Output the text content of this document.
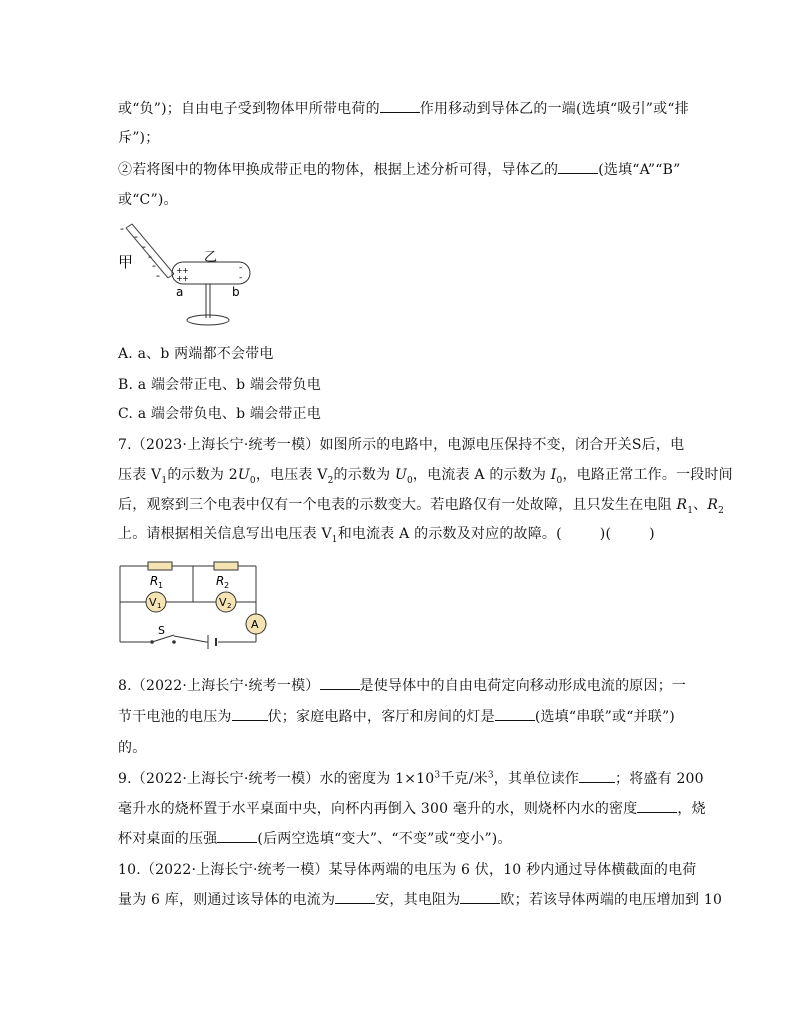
或“负”)；自由电子受到物体甲所带电荷的	作用移动到导体乙的一端(选填“吸引”或“排
斥”)；
②若将图中的物体甲换成带正电的物体，根据上述分析可得，导体乙的	(选填“A”“B”
或“C”)。
-
-
-
-
-
-
甲	乙
+ +
+ +
-
-
a	b
A. a、b 两端都不会带电
B. a 端会带正电、b 端会带负电
C. a 端会带负电、b 端会带正电
7.（2023·上海长宁·统考一模）如图所示的电路中，电源电压保持不变，闭合开关S后，电
压表 $V_1$的示数为 $2U_0$，电压表 $V_2$的示数为 $U_0$，电流表 A 的示数为 $I_0$，电路正常工作。一段时间
后，观察到三个电表中仅有一个电表的示数变大。若电路仅有一处故障，且只发生在电阻 $R_1$、$R_2$
上。请根据相关信息写出电压表 $V_1$和电流表 A 的示数及对应的故障。(	)(	)
S
R 1	R 2
V 1	V 2
A
8.（2022·上海长宁·统考一模）	是使导体中的自由电荷定向移动形成电流的原因；一
节干电池的电压为	伏；家庭电路中，客厅和房间的灯是	(选填“串联”或“并联”)
的。
9.（2022·上海长宁·统考一模）水的密度为 $1\times 10^3$千克/米$^3$，其单位读作	；将盛有 200
毫升水的烧杯置于水平桌面中央，向杯内再倒入 300 毫升的水，则烧杯内水的密度	，烧
杯对桌面的压强	(后两空选填“变大”、“不变”或“变小”)。
10.（2022·上海长宁·统考一模）某导体两端的电压为 6 伏，10 秒内通过导体横截面的电荷
量为 6 库，则通过该导体的电流为	安，其电阻为	欧；若该导体两端的电压增加到 10
